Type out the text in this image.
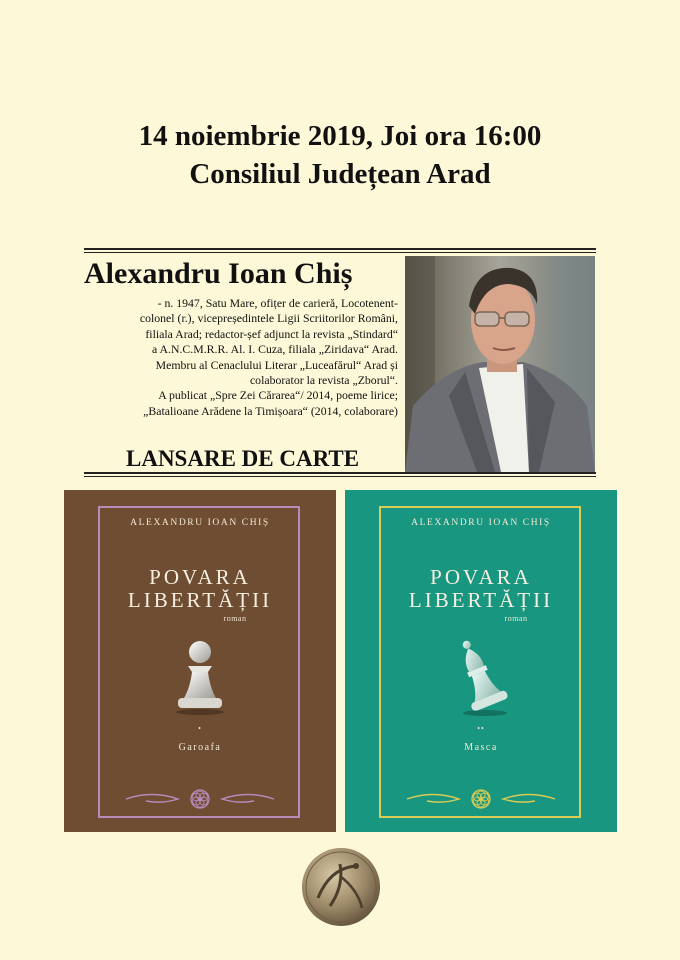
14 noiembrie 2019, Joi ora 16:00
Consiliul Județean Arad
Alexandru Ioan Chiș
- n. 1947, Satu Mare, ofițer de carieră, Locotenent-
colonel (r.), vicepreședintele Ligii Scriitorilor Români,
filiala Arad; redactor-șef adjunct la revista „Stindard“
a A.N.C.M.R.R. Al. I. Cuza, filiala „Ziridava“ Arad.
Membru al Cenaclului Literar „Luceafărul“ Arad și
colaborator la revista „Zborul“.
A publicat „Spre Zei Cărarea“/ 2014, poeme lirice;
„Batalioane Arădene la Timișoara“ (2014, colaborare)
LANSARE DE CARTE
ALEXANDRU IOAN CHIȘ
POVARA
LIBERTĂȚII
roman
•
Garoafa
ALEXANDRU IOAN CHIȘ
POVARA
LIBERTĂȚII
roman
••
Masca
